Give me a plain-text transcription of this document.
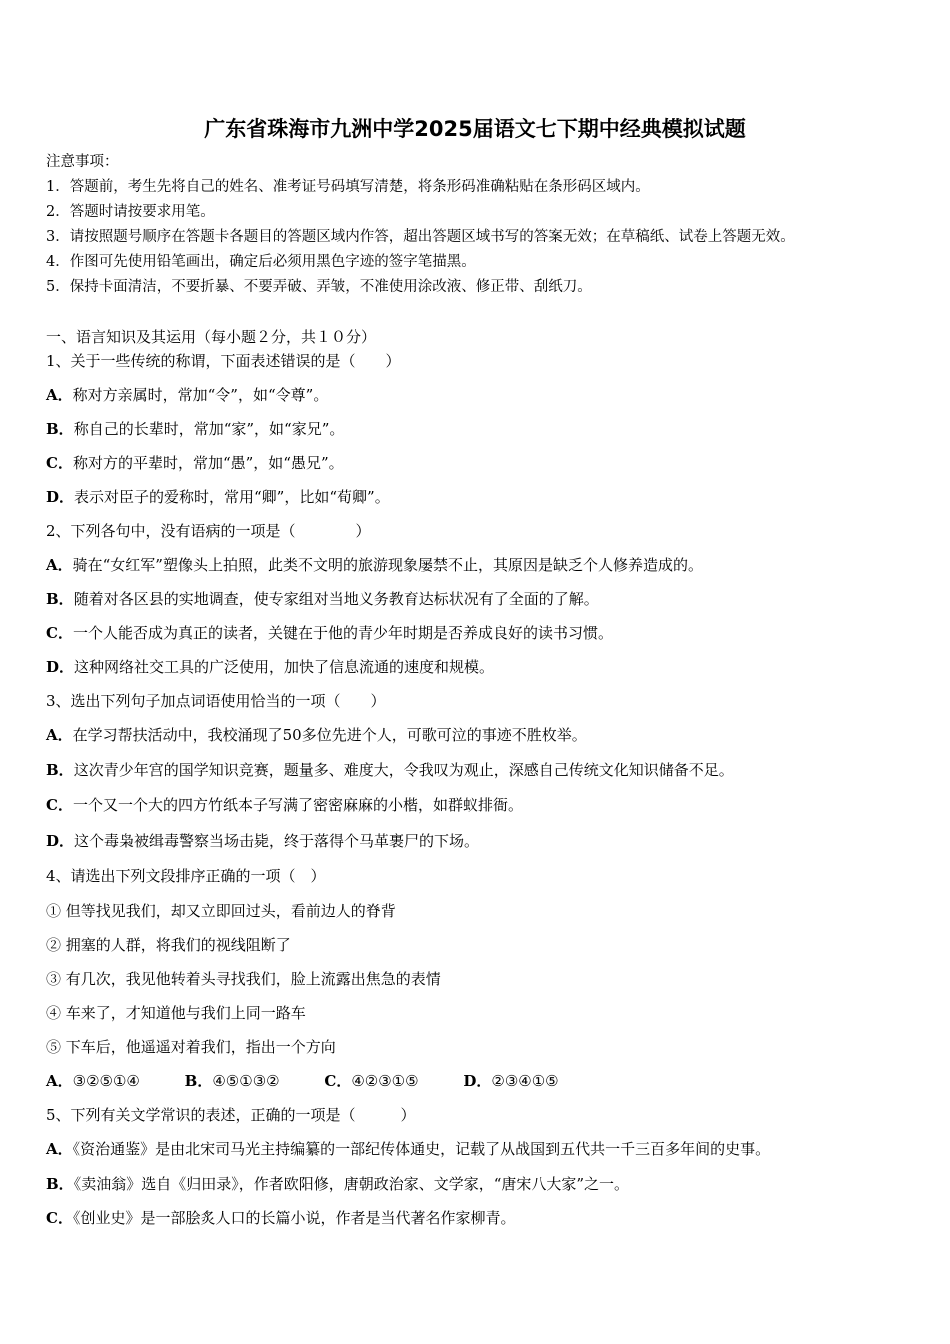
广东省珠海市九洲中学2025届语文七下期中经典模拟试题
注意事项：
1．答题前，考生先将自己的姓名、准考证号码填写清楚，将条形码准确粘贴在条形码区域内。
2．答题时请按要求用笔。
3．请按照题号顺序在答题卡各题目的答题区域内作答，超出答题区域书写的答案无效；在草稿纸、试卷上答题无效。
4．作图可先使用铅笔画出，确定后必须用黑色字迹的签字笔描黑。
5．保持卡面清洁，不要折暴、不要弄破、弄皱，不准使用涂改液、修正带、刮纸刀。
一、语言知识及其运用（每小题２分，共１０分）
1、关于一些传统的称谓，下面表述错误的是（　　）
A．称对方亲属时，常加“令”，如“令尊”。
B．称自己的长辈时，常加“家”，如“家兄”。
C．称对方的平辈时，常加“愚”，如“愚兄”。
D．表示对臣子的爱称时，常用“卿”，比如“荀卿”。
2、下列各句中，没有语病的一项是（　　　　）
A．骑在“女红军”塑像头上拍照，此类不文明的旅游现象屡禁不止，其原因是缺乏个人修养造成的。
B．随着对各区县的实地调查，使专家组对当地义务教育达标状况有了全面的了解。
C．一个人能否成为真正的读者，关键在于他的青少年时期是否养成良好的读书习惯。
D．这种网络社交工具的广泛使用，加快了信息流通的速度和规模。
3、选出下列句子加点词语使用恰当的一项（　　）
A．在学习帮扶活动中，我校涌现了50多位先进个人，可歌可泣的事迹不胜枚举。
B．这次青少年宫的国学知识竞赛，题量多、难度大，令我叹为观止，深感自己传统文化知识储备不足。
C．一个又一个大的四方竹纸本子写满了密密麻麻的小楷，如群蚁排衙。
D．这个毒枭被缉毒警察当场击毙，终于落得个马革裹尸的下场。
4、请选出下列文段排序正确的一项（　）
① 但等找见我们，却又立即回过头，看前边人的脊背
② 拥塞的人群，将我们的视线阻断了
③ 有几次，我见他转着头寻找我们，脸上流露出焦急的表情
④ 车来了，才知道他与我们上同一路车
⑤ 下车后，他遥遥对着我们，指出一个方向
A．③②⑤①④	B．④⑤①③②	C．④②③①⑤	D．②③④①⑤
5、下列有关文学常识的表述，正确的一项是（　　　）
A．《资治通鉴》是由北宋司马光主持编纂的一部纪传体通史，记载了从战国到五代共一千三百多年间的史事。
B．《卖油翁》选自《归田录》，作者欧阳修，唐朝政治家、文学家，“唐宋八大家”之一。
C．《创业史》是一部脍炙人口的长篇小说，作者是当代著名作家柳青。
